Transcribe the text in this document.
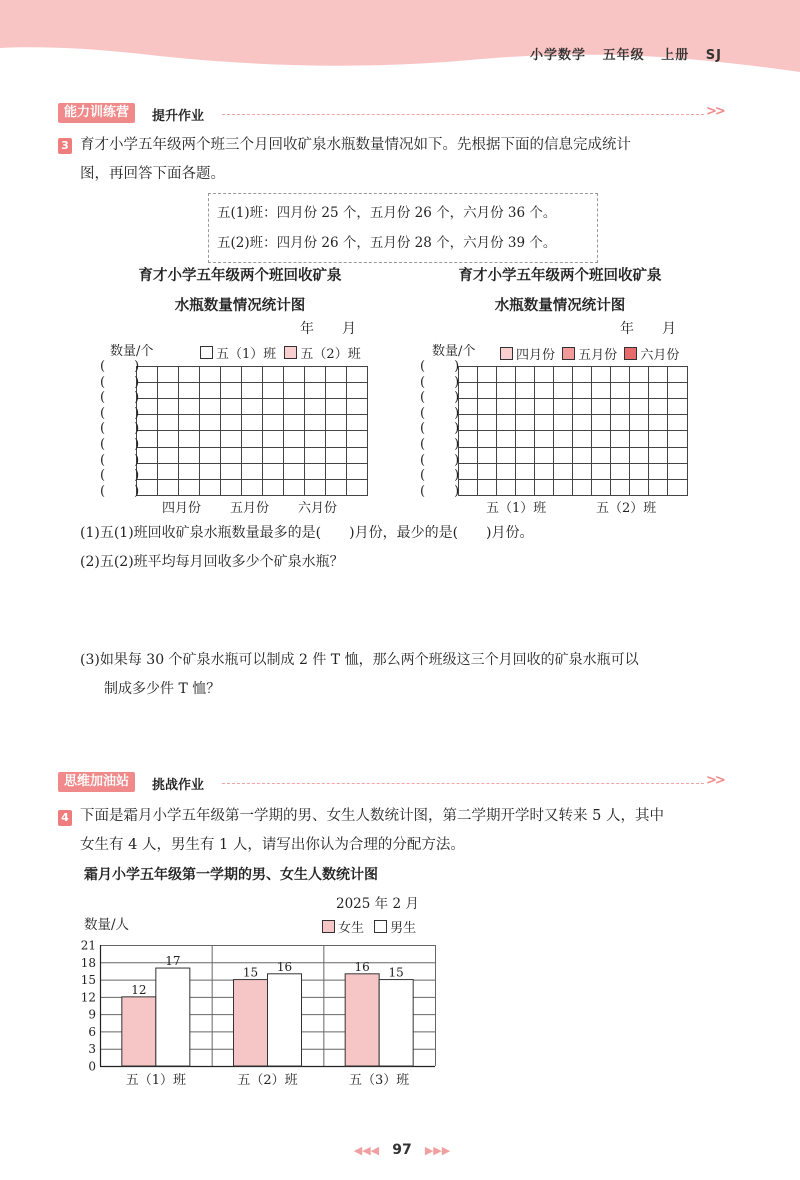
小学数学 五年级 上册 SJ
能力训练营	提升作业	>>
3 育才小学五年级两个班三个月回收矿泉水瓶数量情况如下。先根据下面的信息完成统计
图，再回答下面各题。
五(1)班：四月份 25 个，五月份 26 个，六月份 36 个。
五(2)班：四月份 26 个，五月份 28 个，六月份 39 个。
育才小学五年级两个班回收矿泉
水瓶数量情况统计图
年　　月
数量/个	五（1）班 五（2）班
(　)
(　)
(　)
(　)
(　)
(　)
(　)
(　)
(　)
四月份 五月份 六月份
育才小学五年级两个班回收矿泉
水瓶数量情况统计图
年　　月
数量/个	四月份 五月份 六月份
(　)
(　)
(　)
(　)
(　)
(　)
(　)
(　)
(　)
五（1）班	五（2）班
(1)五(1)班回收矿泉水瓶数量最多的是(　　)月份，最少的是(　　)月份。
(2)五(2)班平均每月回收多少个矿泉水瓶？
(3)如果每 30 个矿泉水瓶可以制成 2 件 T 恤，那么两个班级这三个月回收的矿泉水瓶可以
制成多少件 T 恤？
思维加油站	挑战作业	>>
4 下面是霜月小学五年级第一学期的男、女生人数统计图，第二学期开学时又转来 5 人，其中
女生有 4 人，男生有 1 人，请写出你认为合理的分配方法。
霜月小学五年级第一学期的男、女生人数统计图
2025 年 2 月
数量/人	女生 男生
0
3
6
9
12
15
18
21
12
17
五（1）班
15 16
五（2）班
16 15
五（3）班
◀◀◀ 97 ▶▶▶
